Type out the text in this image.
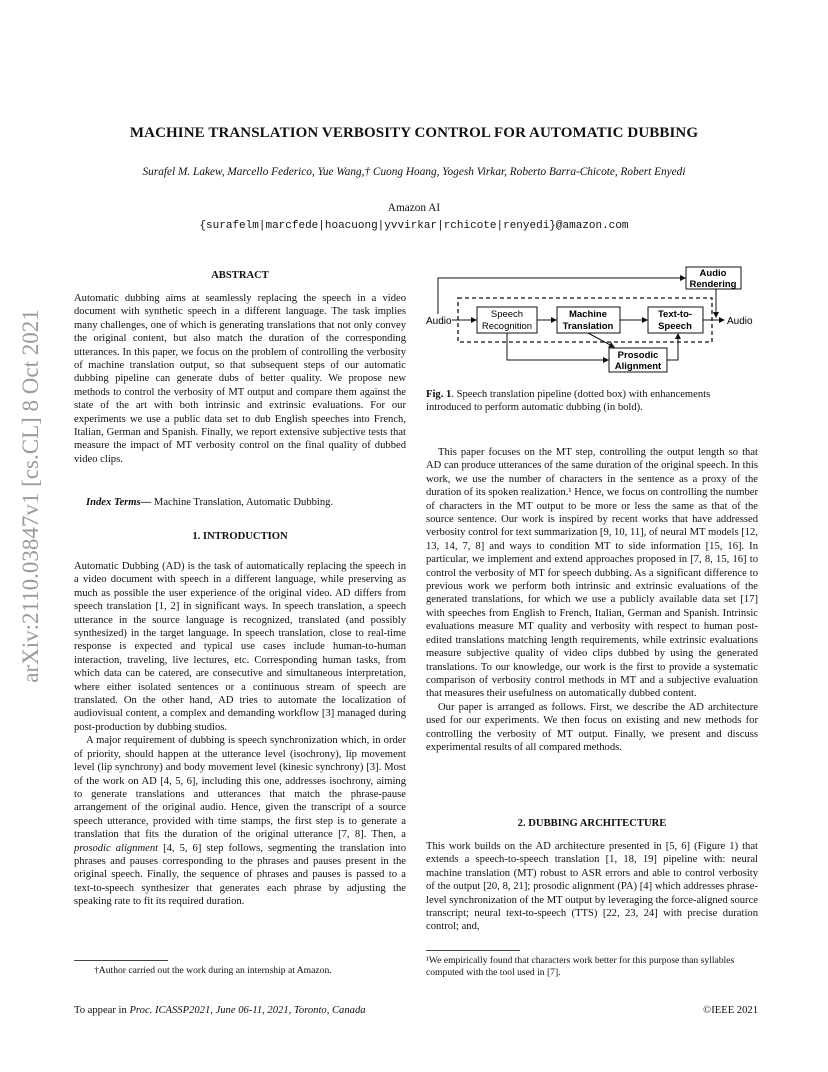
MACHINE TRANSLATION VERBOSITY CONTROL FOR AUTOMATIC DUBBING
Surafel M. Lakew, Marcello Federico, Yue Wang,† Cuong Hoang, Yogesh Virkar, Roberto Barra-Chicote, Robert Enyedi
Amazon AI
{surafelm|marcfede|hoacuong|yvvirkar|rchicote|renyedi}@amazon.com
arXiv:2110.03847v1 [cs.CL] 8 Oct 2021
ABSTRACT

Automatic dubbing aims at seamlessly replacing the speech in a video document with synthetic speech in a different language. The task implies many challenges, one of which is generating translations that not only convey the original content, but also match the duration of the corresponding utterances. In this paper, we focus on the problem of controlling the verbosity of machine translation output, so that subsequent steps of our automatic dubbing pipeline can generate dubs of better quality. We propose new methods to control the verbosity of MT output and compare them against the state of the art with both intrinsic and extrinsic evaluations. For our experiments we use a public data set to dub English speeches into French, Italian, German and Spanish. Finally, we report extensive subjective tests that measure the impact of MT verbosity control on the final quality of dubbed video clips.

Index Terms— Machine Translation, Automatic Dubbing.

1. INTRODUCTION

Automatic Dubbing (AD) is the task of automatically replacing the speech in a video document with speech in a different language, while preserving as much as possible the user experience of the original video. AD differs from speech translation [1, 2] in significant ways. In speech translation, a speech utterance in the source language is recognized, translated (and possibly synthesized) in the target language. In speech translation, close to real-time response is expected and typical use cases include human-to-human interaction, traveling, live lectures, etc. Corresponding human tasks, from which data can be catered, are consecutive and simultaneous interpretation, where either isolated sentences or a continuous stream of speech are translated. On the other hand, AD tries to automate the localization of audiovisual content, a complex and demanding workflow [3] managed during post-production by dubbing studios.

A major requirement of dubbing is speech synchronization which, in order of priority, should happen at the utterance level (isochrony), lip movement level (lip synchrony) and body movement level (kinesic synchrony) [3]. Most of the work on AD [4, 5, 6], including this one, addresses isochrony, aiming to generate translations and utterances that match the phrase-pause arrangement of the original audio. Hence, given the transcript of a source speech utterance, provided with time stamps, the first step is to generate a translation that fits the duration of the original utterance [7, 8]. Then, a prosodic alignment [4, 5, 6] step follows, segmenting the translation into phrases and pauses corresponding to the phrases and pauses present in the original speech. Finally, the sequence of phrases and pauses is passed to a text-to-speech synthesizer that generates each phrase by adjusting the speaking rate to fit its required duration.

†Author carried out the work during an internship at Amazon.
Audio
Speech
Recognition
Machine
Translation
Text-to-
Speech	Audio
Audio
Rendering
Prosodic
Alignment
Fig. 1. Speech translation pipeline (dotted box) with enhancements introduced to perform automatic dubbing (in bold).

This paper focuses on the MT step, controlling the output length so that AD can produce utterances of the same duration of the original speech. In this work, we use the number of characters in the sentence as a proxy of the duration of its spoken realization.¹ Hence, we focus on controlling the number of characters in the MT output to be more or less the same as that of the source sentence. Our work is inspired by recent works that have addressed verbosity control for text summarization [9, 10, 11], of neural MT models [12, 13, 14, 7, 8] and ways to condition MT to side information [15, 16]. In particular, we implement and extend approaches proposed in [7, 8, 15, 16] to control the verbosity of MT for speech dubbing. As a significant difference to previous work we perform both intrinsic and extrinsic evaluations of the generated translations, for which we use a publicly available data set [17] with speeches from English to French, Italian, German and Spanish. Intrinsic evaluations measure MT quality and verbosity with respect to human post-edited translations matching length requirements, while extrinsic evaluations measure subjective quality of video clips dubbed by using the generated translations. To our knowledge, our work is the first to provide a systematic comparison of verbosity control methods in MT and a subjective evaluation that measures their usefulness on automatically dubbed content.

Our paper is arranged as follows. First, we describe the AD architecture used for our experiments. We then focus on existing and new methods for controlling the verbosity of MT output. Finally, we present and discuss experimental results of all compared methods.

2. DUBBING ARCHITECTURE

This work builds on the AD architecture presented in [5, 6] (Figure 1) that extends a speech-to-speech translation [1, 18, 19] pipeline with: neural machine translation (MT) robust to ASR errors and able to control verbosity of the output [20, 8, 21]; prosodic alignment (PA) [4] which addresses phrase-level synchronization of the MT output by leveraging the force-aligned source transcript; neural text-to-speech (TTS) [22, 23, 24] with precise duration control; and,

¹We empirically found that characters work better for this purpose than syllables computed with the tool used in [7].
To appear in Proc. ICASSP2021, June 06-11, 2021, Toronto, Canada	©IEEE 2021
